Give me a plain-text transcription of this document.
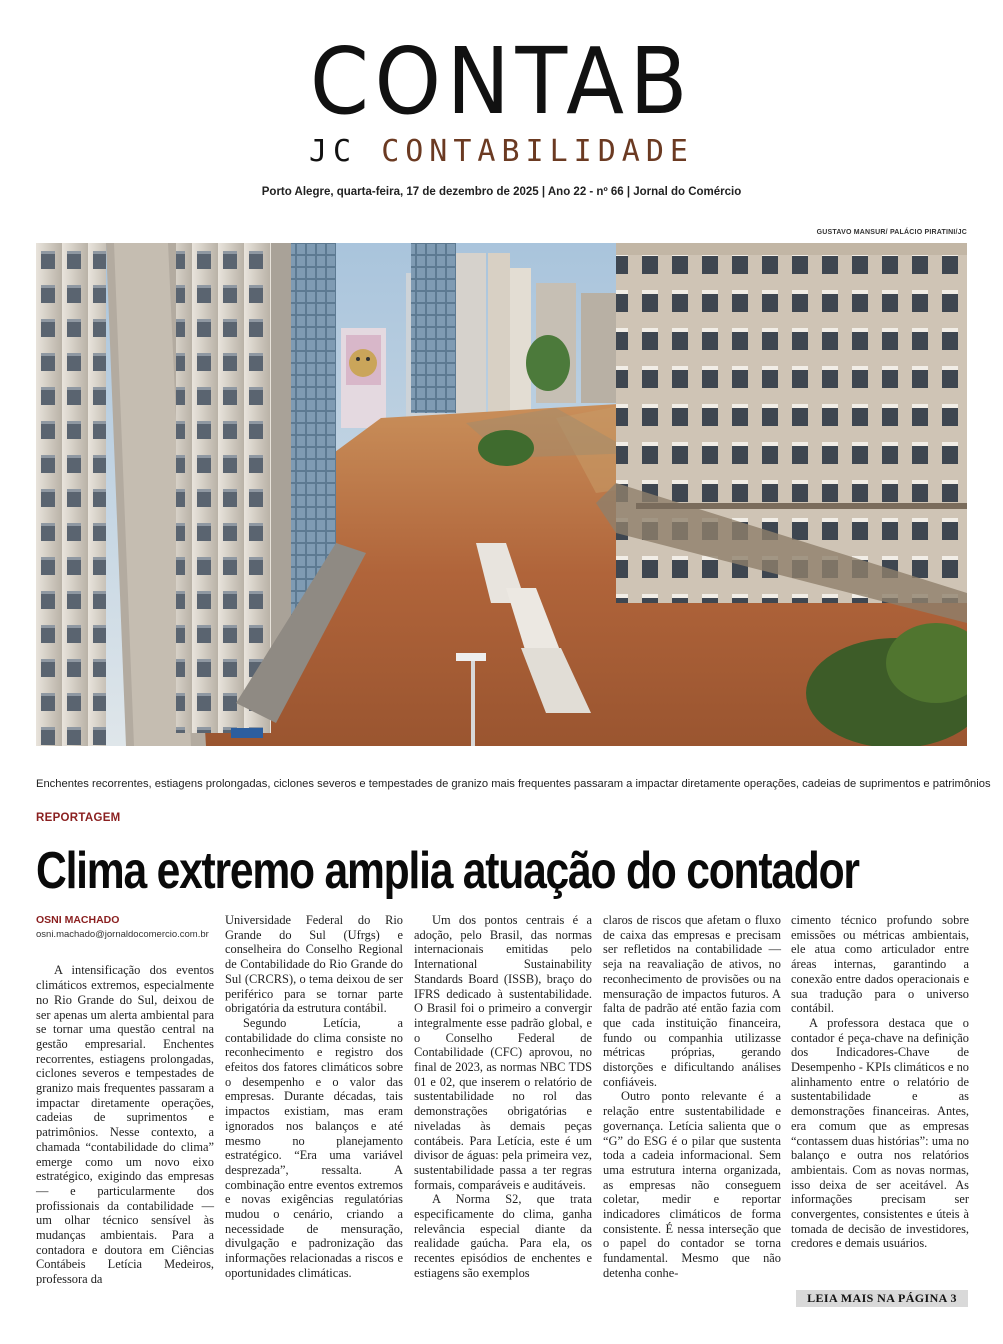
CONTAB
JC CONTABILIDADE
Porto Alegre, quarta-feira, 17 de dezembro de 2025 | Ano 22 - nº 66 | Jornal do Comércio
GUSTAVO MANSUR/ PALÁCIO PIRATINI/JC
Enchentes recorrentes, estiagens prolongadas, ciclones severos e tempestades de granizo mais frequentes passaram a impactar diretamente operações, cadeias de suprimentos e patrimônios
REPORTAGEM
Clima extremo amplia atuação do contador
OSNI MACHADO
osni.machado@jornaldocomercio.com.br

A intensificação dos eventos climáticos extremos, especialmente no Rio Grande do Sul, deixou de ser apenas um alerta ambiental para se tornar uma questão central na gestão empresarial. Enchentes recorrentes, estiagens prolongadas, ciclones severos e tempestades de granizo mais frequentes passaram a impactar diretamente operações, cadeias de suprimentos e patrimônios. Nesse contexto, a chamada “contabilidade do clima” emerge como um novo eixo estratégico, exigindo das empresas — e particularmente dos profissionais da contabilidade — um olhar técnico sensível às mudanças ambientais. Para a contadora e doutora em Ciências Contábeis Letícia Medeiros, professora da

Universidade Federal do Rio Grande do Sul (Ufrgs) e conselheira do Conselho Regional de Contabilidade do Rio Grande do Sul (CRCRS), o tema deixou de ser periférico para se tornar parte obrigatória da estrutura contábil.

Segundo Letícia, a contabilidade do clima consiste no reconhecimento e registro dos efeitos dos fatores climáticos sobre o desempenho e o valor das empresas. Durante décadas, tais impactos existiam, mas eram ignorados nos balanços e até mesmo no planejamento estratégico. “Era uma variável desprezada”, ressalta. A combinação entre eventos extremos e novas exigências regulatórias mudou o cenário, criando a necessidade de mensuração, divulgação e padronização das informações relacionadas a riscos e oportunidades climáticas.

Um dos pontos centrais é a adoção, pelo Brasil, das normas internacionais emitidas pelo International Sustainability Standards Board (ISSB), braço do IFRS dedicado à sustentabilidade. O Brasil foi o primeiro a convergir integralmente esse padrão global, e o Conselho Federal de Contabilidade (CFC) aprovou, no final de 2023, as normas NBC TDS 01 e 02, que inserem o relatório de sustentabilidade no rol das demonstrações obrigatórias e niveladas às demais peças contábeis. Para Letícia, este é um divisor de águas: pela primeira vez, sustentabilidade passa a ter regras formais, comparáveis e auditáveis.

A Norma S2, que trata especificamente do clima, ganha relevância especial diante da realidade gaúcha. Para ela, os recentes episódios de enchentes e estiagens são exemplos

claros de riscos que afetam o fluxo de caixa das empresas e precisam ser refletidos na contabilidade — seja na reavaliação de ativos, no reconhecimento de provisões ou na mensuração de impactos futuros. A falta de padrão até então fazia com que cada instituição financeira, fundo ou companhia utilizasse métricas próprias, gerando distorções e dificultando análises confiáveis.

Outro ponto relevante é a relação entre sustentabilidade e governança. Letícia salienta que o “G” do ESG é o pilar que sustenta toda a cadeia informacional. Sem uma estrutura interna organizada, as empresas não conseguem coletar, medir e reportar indicadores climáticos de forma consistente. É nessa interseção que o papel do contador se torna fundamental. Mesmo que não detenha conhe-

cimento técnico profundo sobre emissões ou métricas ambientais, ele atua como articulador entre áreas internas, garantindo a conexão entre dados operacionais e sua tradução para o universo contábil.

A professora destaca que o contador é peça-chave na definição dos Indicadores-Chave de Desempenho - KPIs climáticos e no alinhamento entre o relatório de sustentabilidade e as demonstrações financeiras. Antes, era comum que as empresas “contassem duas histórias”: uma no balanço e outra nos relatórios ambientais. Com as novas normas, isso deixa de ser aceitável. As informações precisam ser convergentes, consistentes e úteis à tomada de decisão de investidores, credores e demais usuários.

LEIA MAIS NA PÁGINA 3
